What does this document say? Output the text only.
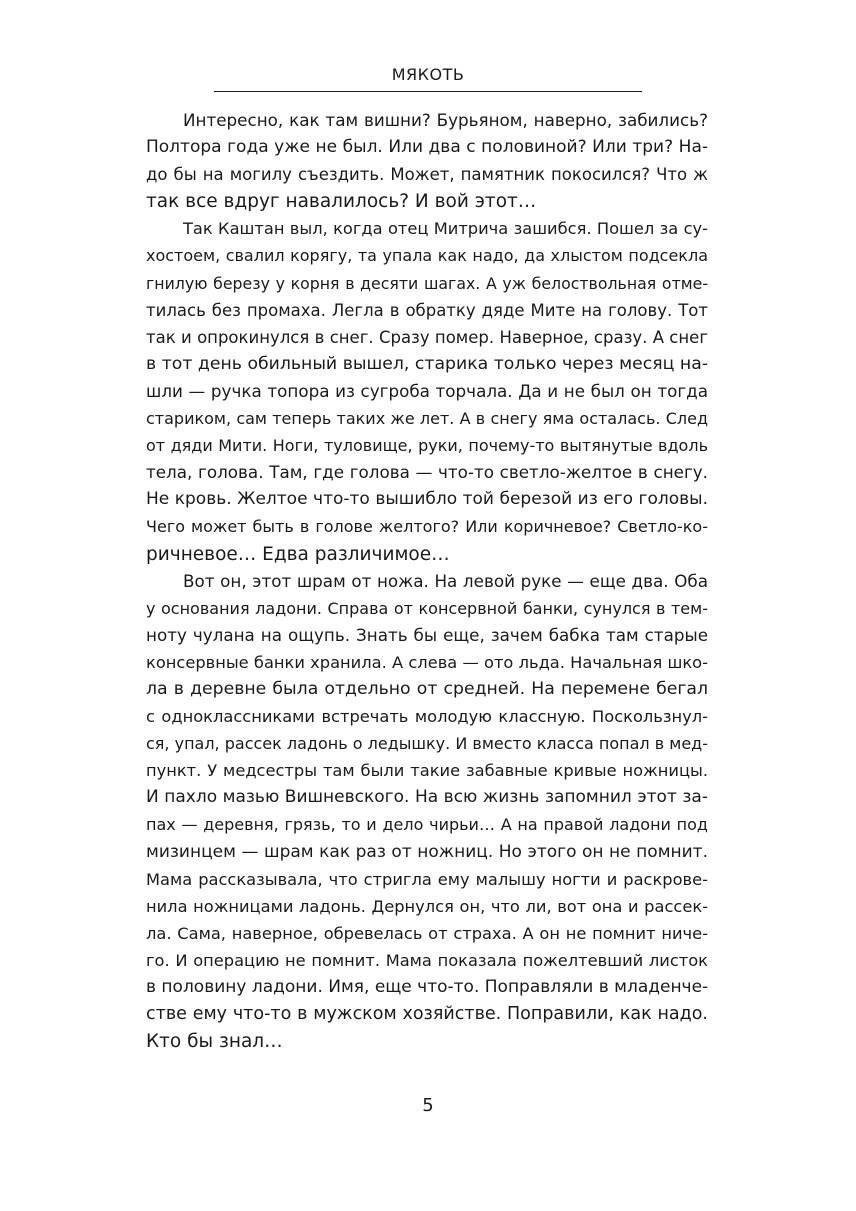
МЯКОТЬ

Интересно, как там вишни? Бурьяном, наверно, забились?
Полтора года уже не был. Или два с половиной? Или три? На-
до бы на могилу съездить. Может, памятник покосился? Что ж
так все вдруг навалилось? И вой этот…

Так Каштан выл, когда отец Митрича зашибся. Пошел за су-
хостоем, свалил корягу, та упала как надо, да хлыстом подсекла
гнилую березу у корня в десяти шагах. А уж белоствольная отме-
тилась без промаха. Легла в обратку дяде Мите на голову. Тот
так и опрокинулся в снег. Сразу помер. Наверное, сразу. А снег
в тот день обильный вышел, старика только через месяц на-
шли — ручка топора из сугроба торчала. Да и не был он тогда
стариком, сам теперь таких же лет. А в снегу яма осталась. След
от дяди Мити. Ноги, туловище, руки, почему-то вытянутые вдоль
тела, голова. Там, где голова — что-то светло-желтое в снегу.
Не кровь. Желтое что-то вышибло той березой из его головы.
Чего может быть в голове желтого? Или коричневое? Светло-ко-
ричневое… Едва различимое…

Вот он, этот шрам от ножа. На левой руке — еще два. Оба
у основания ладони. Справа от консервной банки, сунулся в тем-
ноту чулана на ощупь. Знать бы еще, зачем бабка там старые
консервные банки хранила. А слева — ото льда. Начальная шко-
ла в деревне была отдельно от средней. На перемене бегал
с одноклассниками встречать молодую классную. Поскользнул-
ся, упал, рассек ладонь о ледышку. И вместо класса попал в мед-
пункт. У медсестры там были такие забавные кривые ножницы.
И пахло мазью Вишневского. На всю жизнь запомнил этот за-
пах — деревня, грязь, то и дело чирьи… А на правой ладони под
мизинцем — шрам как раз от ножниц. Но этого он не помнит.
Мама рассказывала, что стригла ему малышу ногти и раскрове-
нила ножницами ладонь. Дернулся он, что ли, вот она и рассек-
ла. Сама, наверное, обревелась от страха. А он не помнит ниче-
го. И операцию не помнит. Мама показала пожелтевший листок
в половину ладони. Имя, еще что-то. Поправляли в младенче-
стве ему что-то в мужском хозяйстве. Поправили, как надо.
Кто бы знал…

5
